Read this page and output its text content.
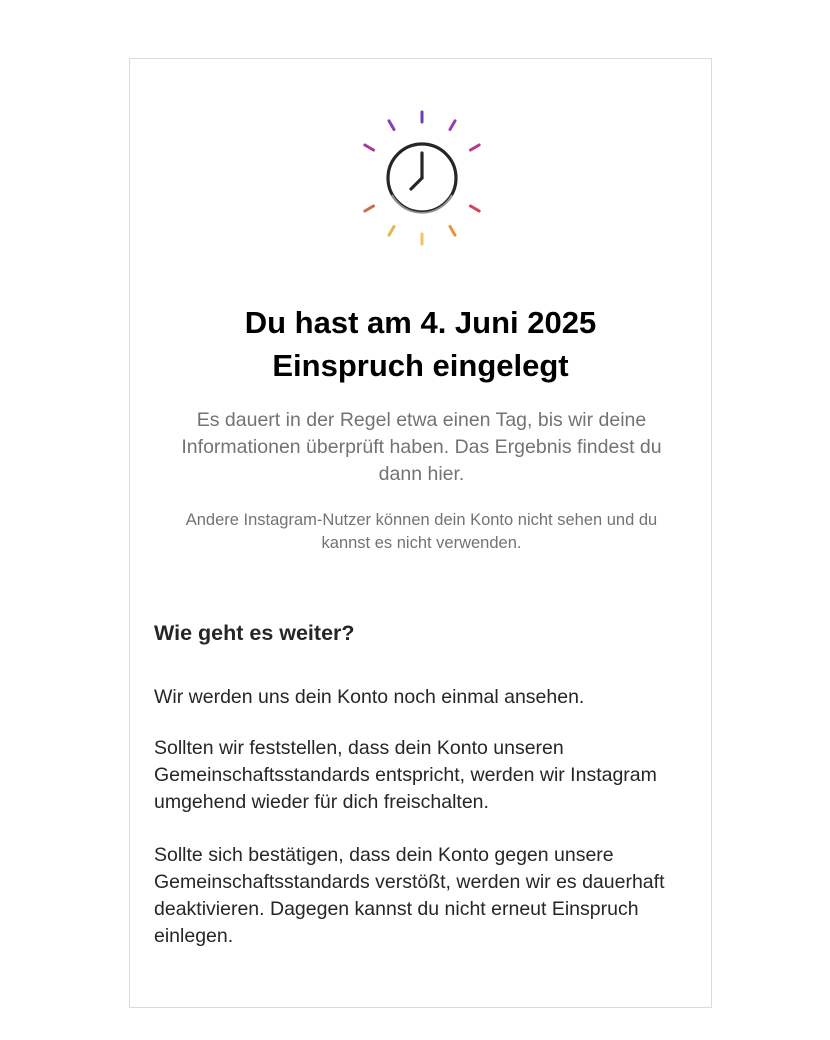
Du hast am 4. Juni 2025
Einspruch eingelegt

Es dauert in der Regel etwa einen Tag, bis wir deine Informationen überprüft haben. Das Ergebnis findest du dann hier.

Andere Instagram-Nutzer können dein Konto nicht sehen und du kannst es nicht verwenden.

Wie geht es weiter?

Wir werden uns dein Konto noch einmal ansehen.

Sollten wir feststellen, dass dein Konto unseren Gemeinschaftsstandards entspricht, werden wir Instagram umgehend wieder für dich freischalten.

Sollte sich bestätigen, dass dein Konto gegen unsere Gemeinschaftsstandards verstößt, werden wir es dauerhaft deaktivieren. Dagegen kannst du nicht erneut Einspruch einlegen.
